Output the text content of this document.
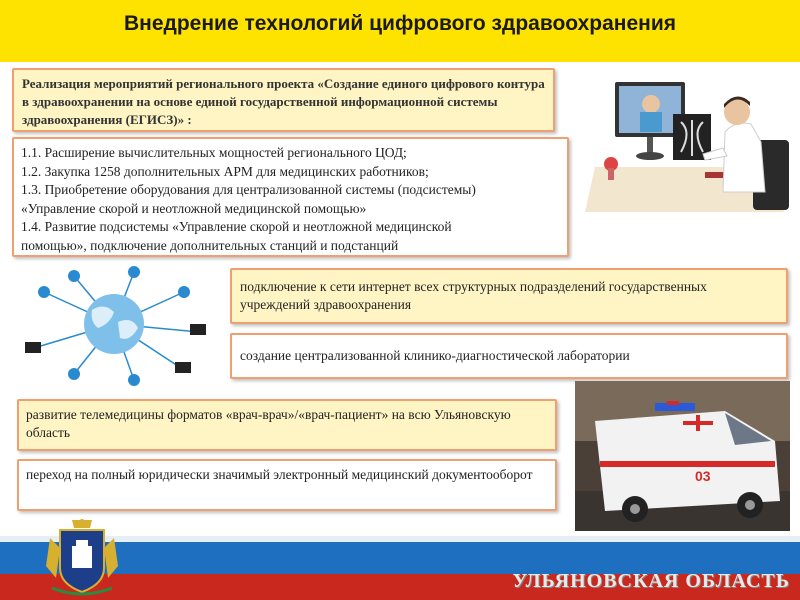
Внедрение технологий цифрового здравоохранения
Реализация мероприятий регионального проекта «Создание единого цифрового контура в здравоохранении на основе единой государственной информационной системы здравоохранения (ЕГИСЗ)» :
1.1. Расширение вычислительных мощностей регионального ЦОД;
1.2. Закупка 1258 дополнительных АРМ для медицинских работников;
1.3. Приобретение оборудования для централизованной системы (подсистемы)
«Управление скорой и неотложной медицинской помощью»
1.4. Развитие подсистемы «Управление скорой и неотложной медицинской
помощью», подключение дополнительных станций и подстанций
подключение к сети интернет всех структурных подразделений государственных учреждений здравоохранения
создание централизованной клинико-диагностической лаборатории
развитие телемедицины форматов «врач-врач»/«врач-пациент» на всю Ульяновскую область
переход на полный юридически значимый электронный медицинский документооборот	03
УЛЬЯНОВСКАЯ ОБЛАСТЬ
